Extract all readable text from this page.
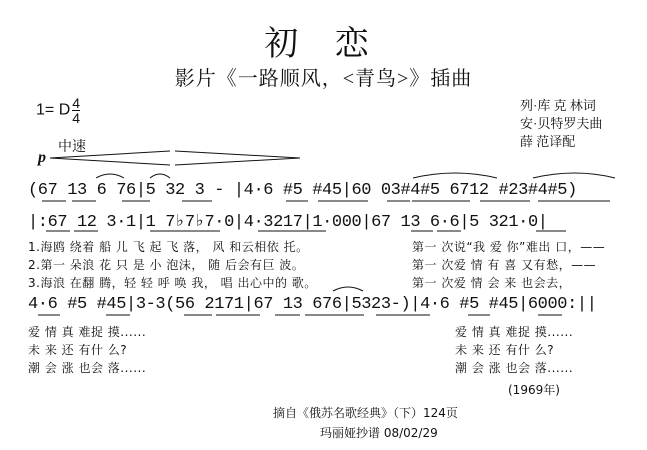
初 恋
影片《一路顺风，<青鸟>》插曲
列·库 克 林词
安·贝特罗夫曲
薛 范译配
1= D $\frac{4}{4}$
中速
p
(67 13 6 76|5 32 3 - |4·6 #5 #45|60 03#4#5 6712 #23#4#5)
|:67 12 3·1|1 7♭7♭7·0|4·3217|1·000|67 13 6·6|5 321·0|
4·6 #5 #45|3-3(56 2171|67 13 676|5323-)|4·6 #5 #45|6000:||
1.海鸥 绕着 船 儿 飞 起 飞 落， 风 和云相依 托。	第一 次说“我 爱 你”难出 口，——
2.第一 朵浪 花 只 是 小 泡沫， 随 后会有巨 波。	第一 次爱 情 有 喜 又有愁，——
3.海浪 在翻 腾，轻 轻 呼 唤 我， 唱 出心中的 歌。	第一 次爱 情 会 来 也会去，
爱 情 真 难捉 摸......	爱 情 真 难捉 摸......
未 来 还 有什 么?	未 来 还 有什 么?
潮 会 涨 也会 落......	潮 会 涨 也会 落......
(1969年)
摘自《俄苏名歌经典》（下）124页
玛丽娅抄谱 08/02/29
